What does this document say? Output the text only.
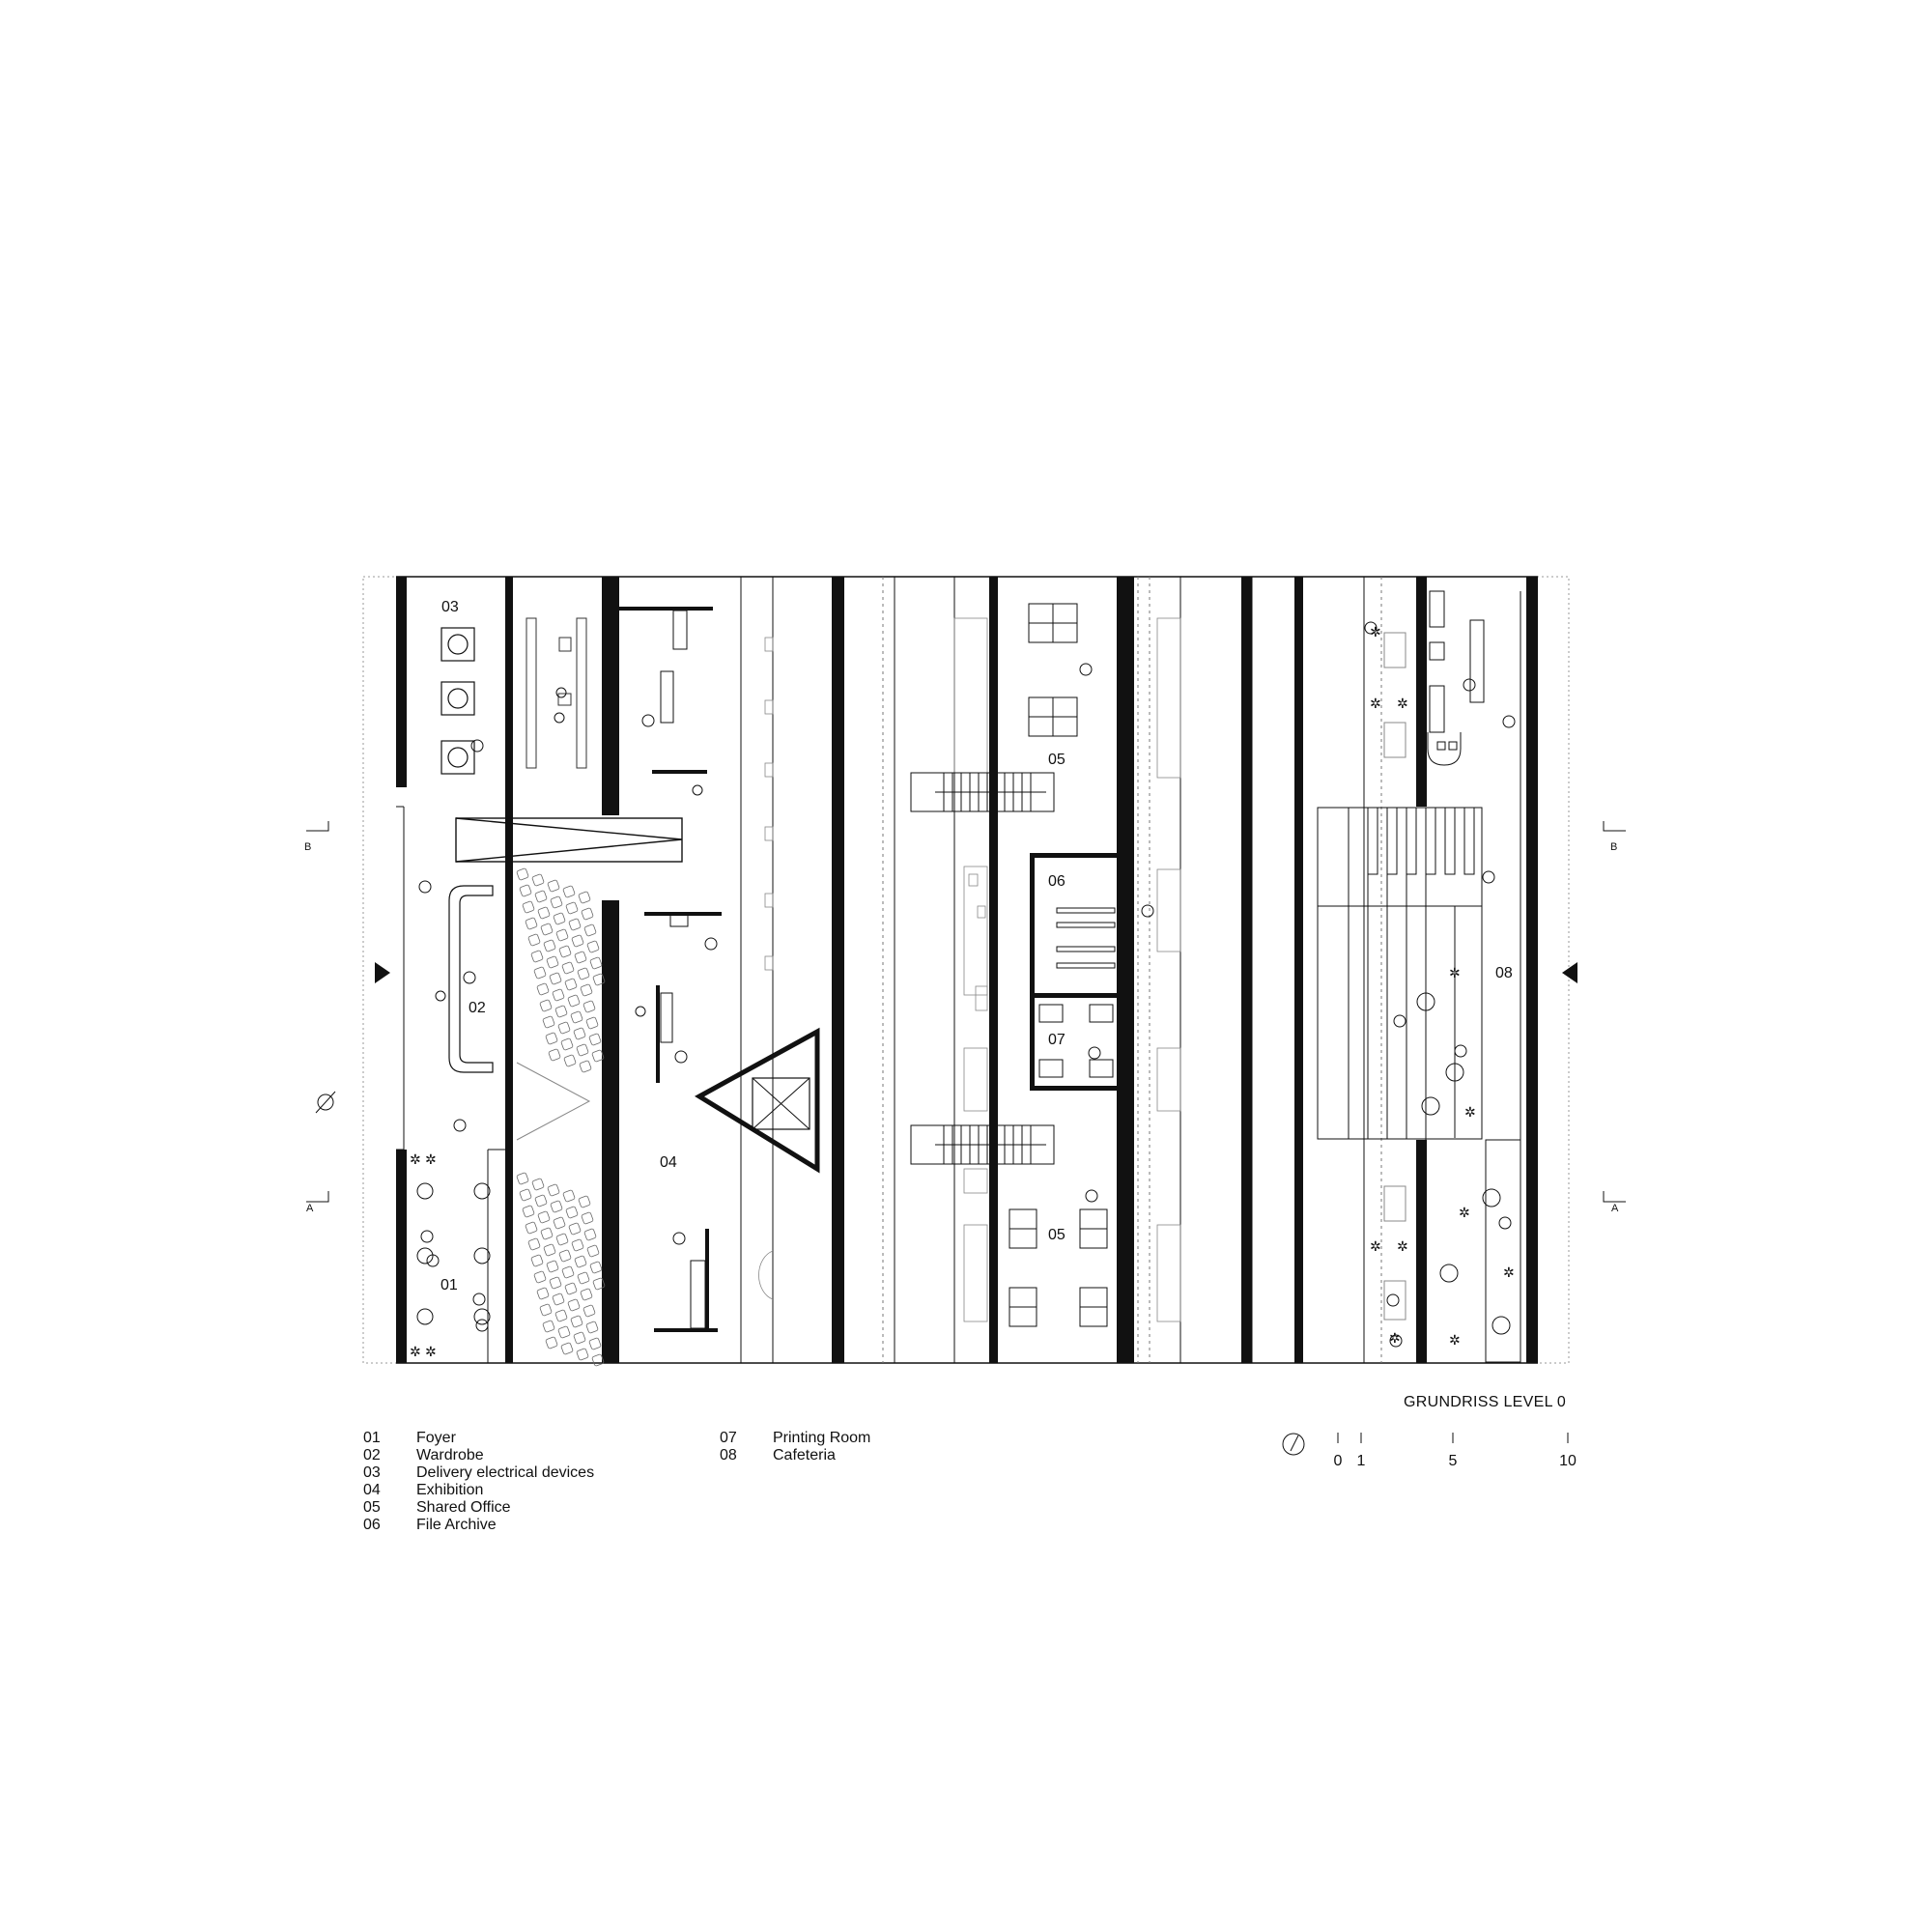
✲ ✲
✲ ✲
✲
✲ ✲
✲ ✲
✲
✲
✲
✲
✲
✲
B
A
B
A
03
02
01
04
05
06
07
05
08
0 1	5	10
GRUNDRISS LEVEL 0
01 Foyer
02 Wardrobe
03 Delivery electrical devices
04 Exhibition
05 Shared Office
06 File Archive
07 Printing Room
08 Cafeteria
